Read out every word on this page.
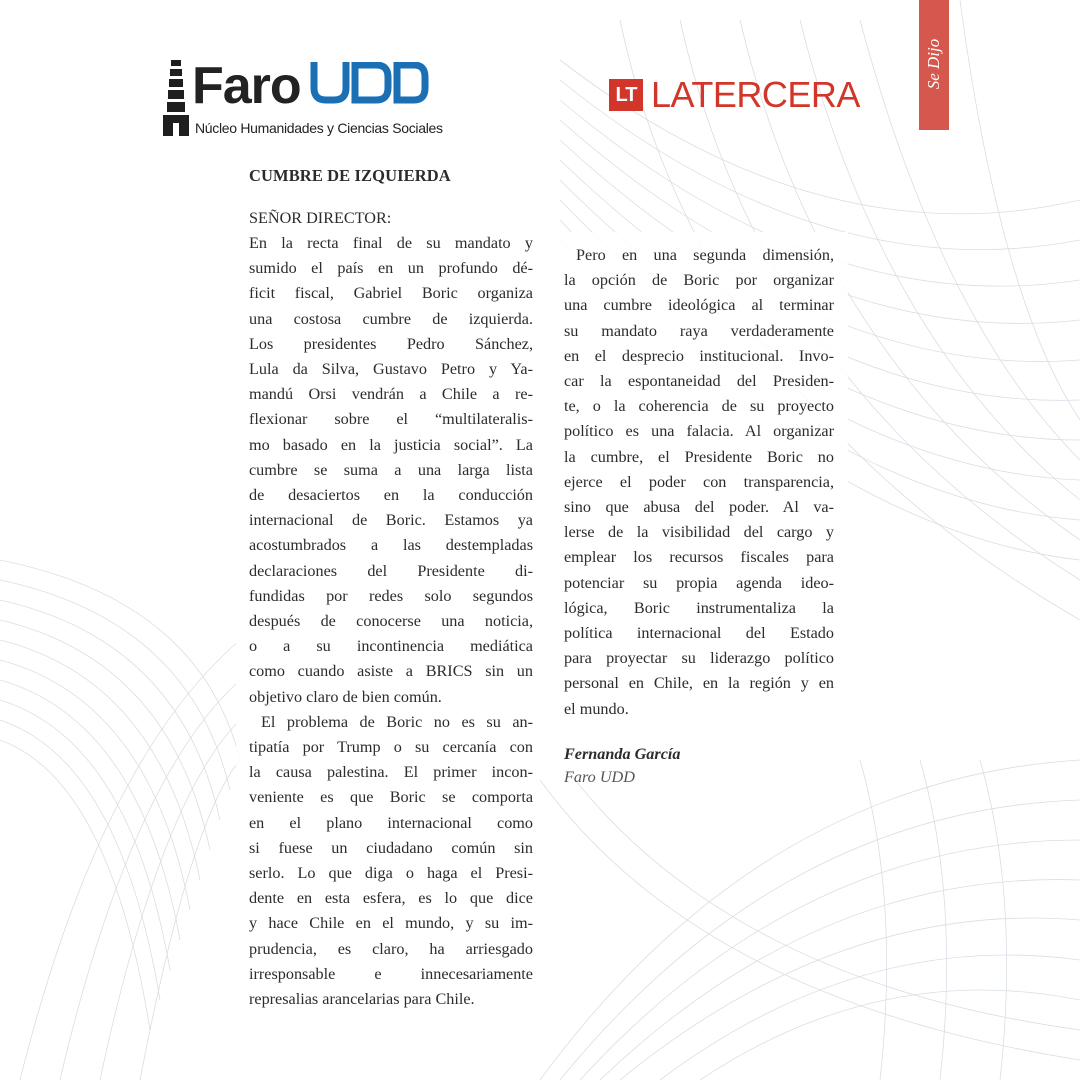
Faro
Núcleo Humanidades y Ciencias Sociales
LT LATERCERA
Se Dijo
CUMBRE DE IZQUIERDA
SEÑOR DIRECTOR:
En la recta final de su mandato y
sumido el país en un profundo dé-
ficit fiscal, Gabriel Boric organiza
una costosa cumbre de izquierda.
Los presidentes Pedro Sánchez,
Lula da Silva, Gustavo Petro y Ya-
mandú Orsi vendrán a Chile a re-
flexionar sobre el “multilateralis-
mo basado en la justicia social”. La
cumbre se suma a una larga lista
de desaciertos en la conducción
internacional de Boric. Estamos ya
acostumbrados a las destempladas
declaraciones del Presidente di-
fundidas por redes solo segundos
después de conocerse una noticia,
o a su incontinencia mediática
como cuando asiste a BRICS sin un
objetivo claro de bien común.
El problema de Boric no es su an-
tipatía por Trump o su cercanía con
la causa palestina. El primer incon-
veniente es que Boric se comporta
en el plano internacional como
si fuese un ciudadano común sin
serlo. Lo que diga o haga el Presi-
dente en esta esfera, es lo que dice
y hace Chile en el mundo, y su im-
prudencia, es claro, ha arriesgado
irresponsable e innecesariamente
represalias arancelarias para Chile.
Pero en una segunda dimensión,
la opción de Boric por organizar
una cumbre ideológica al terminar
su mandato raya verdaderamente
en el desprecio institucional. Invo-
car la espontaneidad del Presiden-
te, o la coherencia de su proyecto
político es una falacia. Al organizar
la cumbre, el Presidente Boric no
ejerce el poder con transparencia,
sino que abusa del poder. Al va-
lerse de la visibilidad del cargo y
emplear los recursos fiscales para
potenciar su propia agenda ideo-
lógica, Boric instrumentaliza la
política internacional del Estado
para proyectar su liderazgo político
personal en Chile, en la región y en
el mundo.
Fernanda García
Faro UDD
